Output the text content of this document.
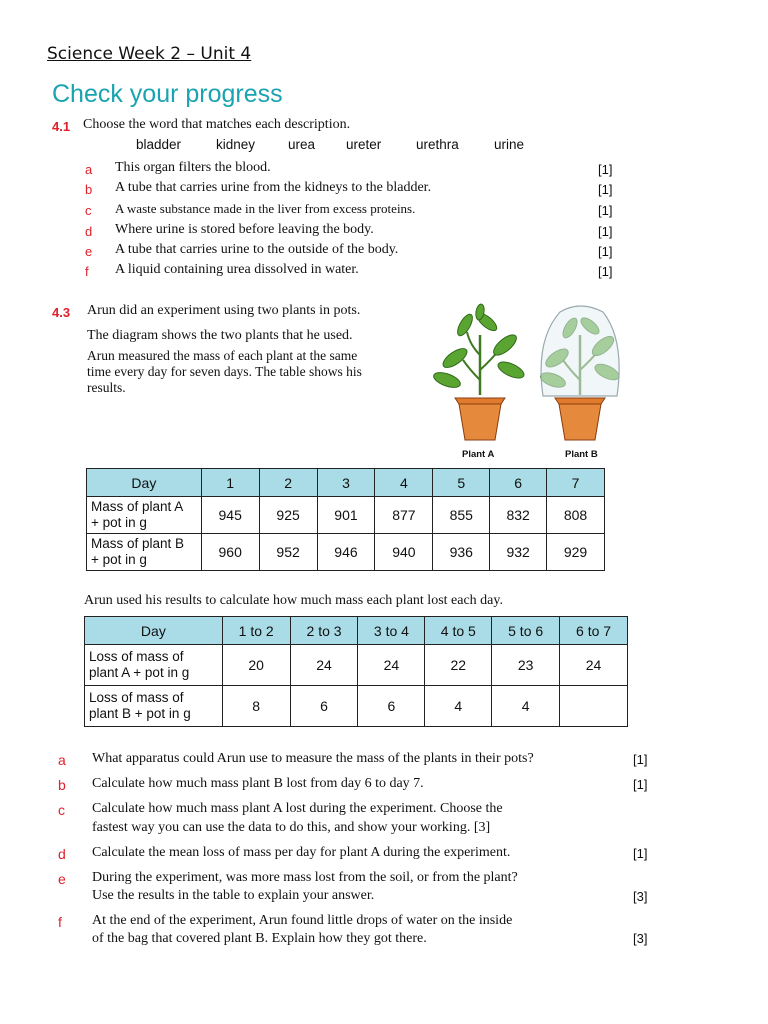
Science Week 2 – Unit 4
Check your progress
4.1 Choose the word that matches each description.
bladder	kidney	urea	ureter	urethra	urine
a This organ filters the blood.	[1]
b A tube that carries urine from the kidneys to the bladder.	[1]
c A waste substance made in the liver from excess proteins.	[1]
d Where urine is stored before leaving the body.	[1]
e A tube that carries urine to the outside of the body.	[1]
f A liquid containing urea dissolved in water.	[1]
4.3 Arun did an experiment using two plants in pots.
The diagram shows the two plants that he used.
Arun measured the mass of each plant at the same
time every day for seven days. The table shows his
results.
Plant A	Plant B
Day	1	2	3	4	5	6	7
Mass of plant A
+ pot in g	945	925	901	877	855	832	808
Mass of plant B
+ pot in g	960	952	946	940	936	932	929
Arun used his results to calculate how much mass each plant lost each day.
Day	1 to 2	2 to 3	3 to 4	4 to 5	5 to 6	6 to 7
Loss of mass of
plant A + pot in g	20	24	24	22	23	24
Loss of mass of
plant B + pot in g	8	6	6	4	4	
a What apparatus could Arun use to measure the mass of the plants in their pots?	[1]
b Calculate how much mass plant B lost from day 6 to day 7.	[1]
c Calculate how much mass plant A lost during the experiment. Choose the
fastest way you can use the data to do this, and show your working. [3]
d Calculate the mean loss of mass per day for plant A during the experiment.	[1]
e During the experiment, was more mass lost from the soil, or from the plant?
Use the results in the table to explain your answer.	[3]
f At the end of the experiment, Arun found little drops of water on the inside
of the bag that covered plant B. Explain how they got there.	[3]
